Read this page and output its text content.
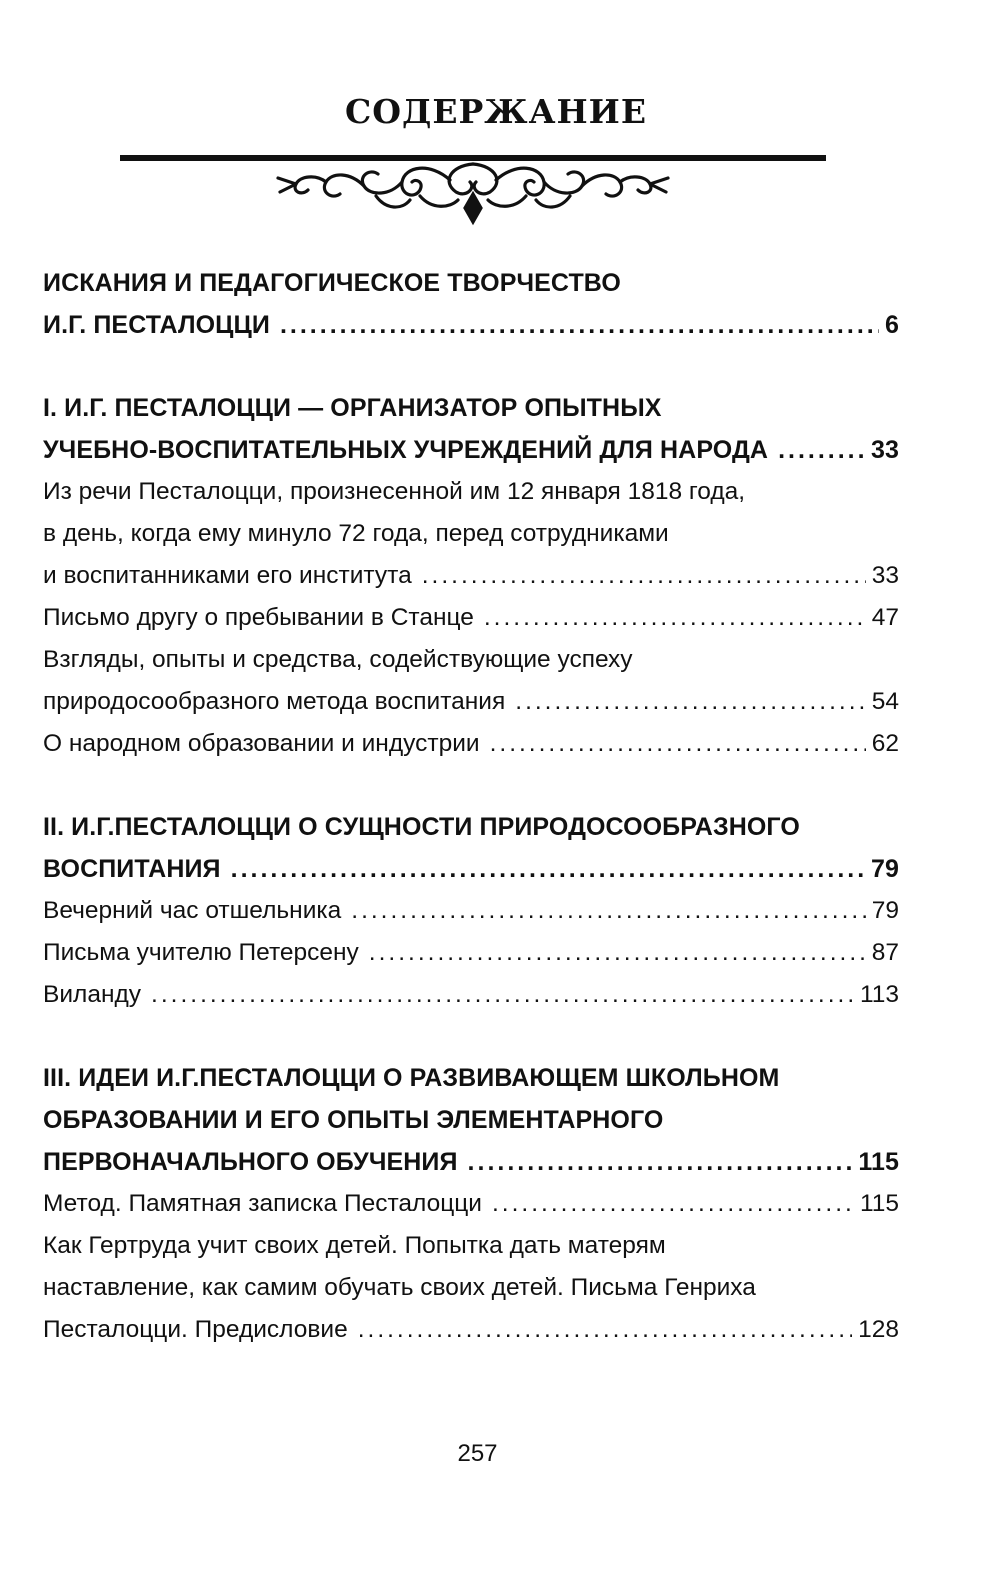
СОДЕРЖАНИЕ
ИСКАНИЯ И ПЕДАГОГИЧЕСКОЕ ТВОРЧЕСТВО
И.Г. ПЕСТАЛОЦЦИ .....	6
I. И.Г. ПЕСТАЛОЦЦИ — ОРГАНИЗАТОР ОПЫТНЫХ
УЧЕБНО-ВОСПИТАТЕЛЬНЫХ УЧРЕЖДЕНИЙ ДЛЯ НАРОДА .....	33
Из речи Песталоцци, произнесенной им 12 января 1818 года,
в день, когда ему минуло 72 года, перед сотрудниками
и воспитанниками его института .....	33
Письмо другу о пребывании в Станце .....	47
Взгляды, опыты и средства, содействующие успеху
природосообразного метода воспитания .....	54
О народном образовании и индустрии .....	62
II. И.Г.ПЕСТАЛОЦЦИ О СУЩНОСТИ ПРИРОДОСООБРАЗНОГО
ВОСПИТАНИЯ .....	79
Вечерний час отшельника .....	79
Письма учителю Петерсену .....	87
Виланду .....	113
III. ИДЕИ И.Г.ПЕСТАЛОЦЦИ О РАЗВИВАЮЩЕМ ШКОЛЬНОМ
ОБРАЗОВАНИИ И ЕГО ОПЫТЫ ЭЛЕМЕНТАРНОГО
ПЕРВОНАЧАЛЬНОГО ОБУЧЕНИЯ .....	115
Метод. Памятная записка Песталоцци .....	115
Как Гертруда учит своих детей. Попытка дать матерям
наставление, как самим обучать своих детей. Письма Генриха
Песталоцци. Предисловие .....	128
257
